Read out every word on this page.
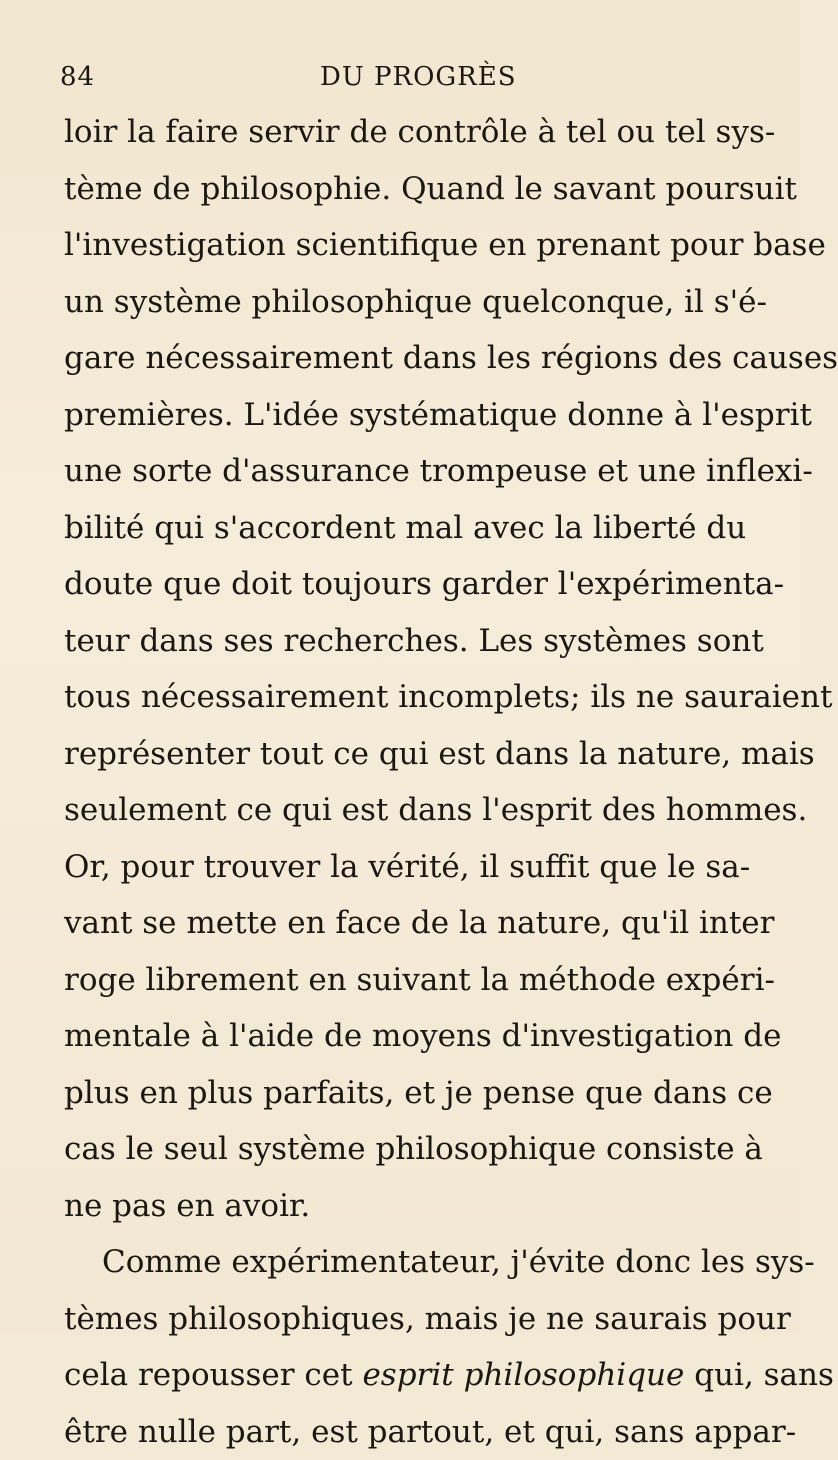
84	DU PROGRÈS
loir la faire servir de contrôle à tel ou tel sys-
tème de philosophie. Quand le savant poursuit
l'investigation scientifique en prenant pour base
un système philosophique quelconque, il s'é-
gare nécessairement dans les régions des causes
premières. L'idée systématique donne à l'esprit
une sorte d'assurance trompeuse et une inflexi-
bilité qui s'accordent mal avec la liberté du
doute que doit toujours garder l'expérimenta-
teur dans ses recherches. Les systèmes sont
tous nécessairement incomplets; ils ne sauraient
représenter tout ce qui est dans la nature, mais
seulement ce qui est dans l'esprit des hommes.
Or, pour trouver la vérité, il suffit que le sa-
vant se mette en face de la nature, qu'il inter
roge librement en suivant la méthode expéri-
mentale à l'aide de moyens d'investigation de
plus en plus parfaits, et je pense que dans ce
cas le seul système philosophique consiste à
ne pas en avoir.
Comme expérimentateur, j'évite donc les sys-
tèmes philosophiques, mais je ne saurais pour
cela repousser cet esprit philosophique qui, sans
être nulle part, est partout, et qui, sans appar-
